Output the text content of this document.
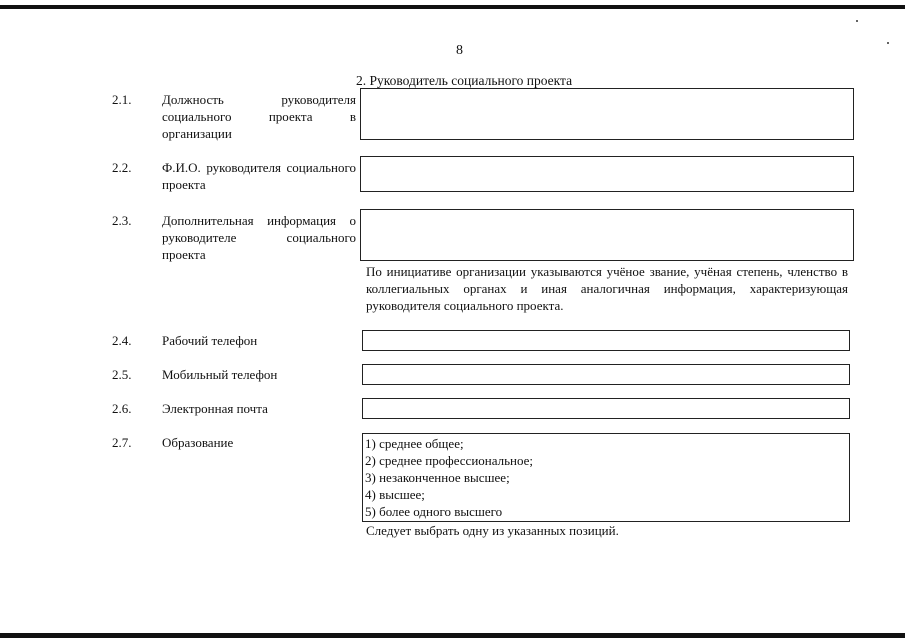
8
2. Руководитель социального проекта
2.1. Должность руководителя социального проекта в организации
2.2. Ф.И.О. руководителя социального проекта
2.3. Дополнительная информация о руководителе социального проекта
По инициативе организации указываются учёное звание, учёная степень, членство в коллегиальных органах и иная аналогичная информация, характеризующая руководителя социального проекта.
2.4. Рабочий телефон
2.5. Мобильный телефон
2.6. Электронная почта
2.7. Образование	1) среднее общее;
2) среднее профессиональное;
3) незаконченное высшее;
4) высшее;
5) более одного высшего
Следует выбрать одну из указанных позиций.
